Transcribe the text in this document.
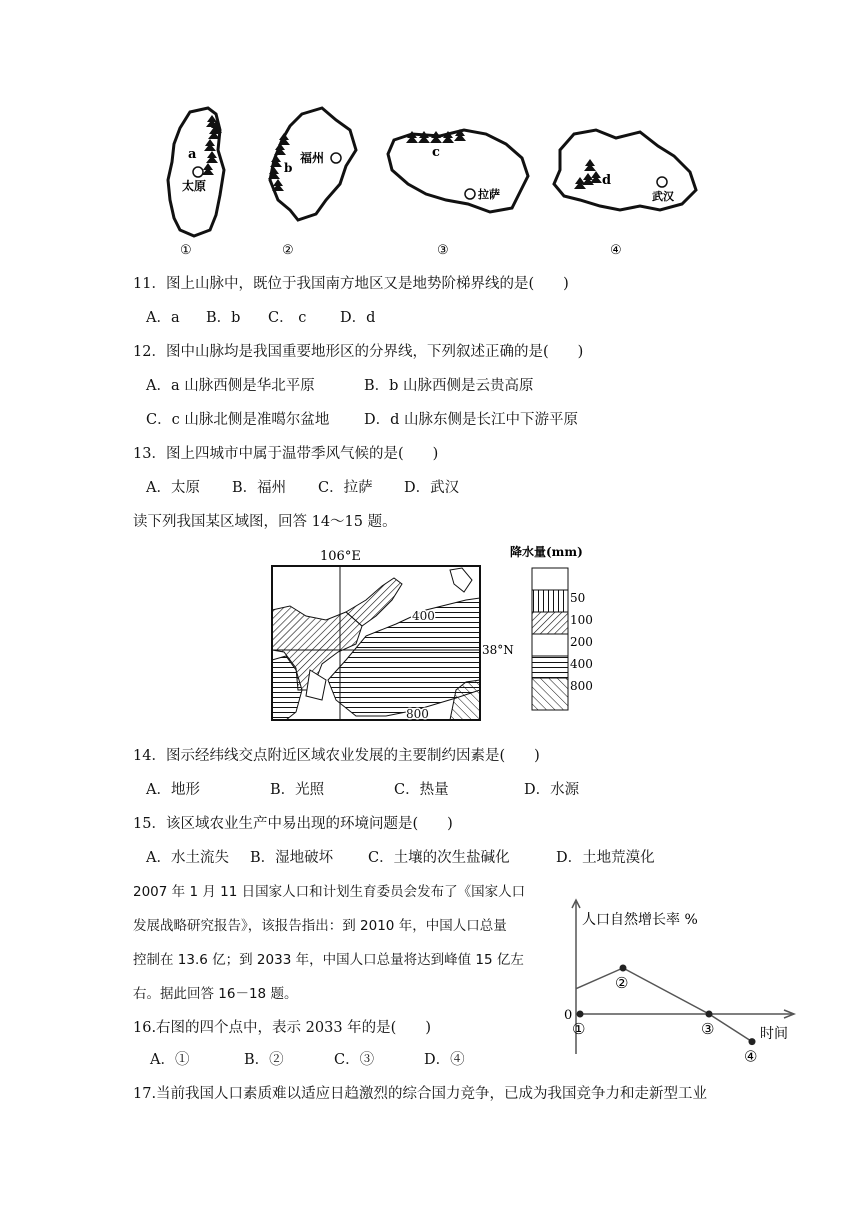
a
太原
①
b
福州
②
c
拉萨
③
d
武汉
④
11．图上山脉中，既位于我国南方地区又是地势阶梯界线的是(　　)
A．a B．b C． c D．d
12．图中山脉均是我国重要地形区的分界线，下列叙述正确的是(　　)
A．a 山脉西侧是华北平原	B．b 山脉西侧是云贵高原
C．c 山脉北侧是准噶尔盆地 D．d 山脉东侧是长江中下游平原
13．图上四城市中属于温带季风气候的是(　　)
A．太原 B．福州 C．拉萨 D．武汉
读下列我国某区域图，回答 14～15 题。
106°E
38°N
400
800
降水量(mm)
50
100
200
400
800
14．图示经纬线交点附近区域农业发展的主要制约因素是(　　)
A．地形	B．光照	C．热量	D．水源
15．该区域农业生产中易出现的环境问题是(　　)
A．水土流失 B．湿地破坏 C．土壤的次生盐碱化	D．土地荒漠化
2007 年 1 月 11 日国家人口和计划生育委员会发布了《国家人口
发展战略研究报告》，该报告指出：到 2010 年，中国人口总量
控制在 13.6 亿；到 2033 年，中国人口总量将达到峰值 15 亿左
右。据此回答 16－18 题。
16.右图的四个点中，表示 2033 年的是(　　)
A．①	B．②	C．③	D．④
17.当前我国人口素质难以适应日趋激烈的综合国力竞争，已成为我国竞争力和走新型工业
人口自然增长率 %
时间
0
①
②
③
④
